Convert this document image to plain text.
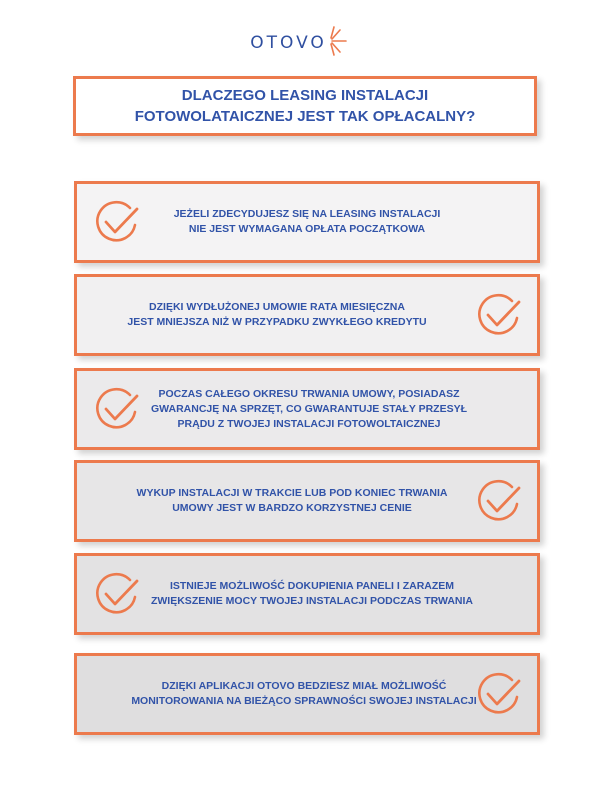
OTOVO
DLACZEGO LEASING INSTALACJI
FOTOWOLATAICZNEJ JEST TAK OPŁACALNY?
JEŻELI ZDECYDUJESZ SIĘ NA LEASING INSTALACJI
NIE JEST WYMAGANA OPŁATA POCZĄTKOWA
DZIĘKI WYDŁUŻONEJ UMOWIE RATA MIESIĘCZNA
JEST MNIEJSZA NIŻ W PRZYPADKU ZWYKŁEGO KREDYTU
POCZAS CAŁEGO OKRESU TRWANIA UMOWY, POSIADASZ
GWARANCJĘ NA SPRZĘT, CO GWARANTUJE STAŁY PRZESYŁ
PRĄDU Z TWOJEJ INSTALACJI FOTOWOLTAICZNEJ
WYKUP INSTALACJI W TRAKCIE LUB POD KONIEC TRWANIA
UMOWY JEST W BARDZO KORZYSTNEJ CENIE
ISTNIEJE MOŻLIWOŚĆ DOKUPIENIA PANELI I ZARAZEM
ZWIĘKSZENIE MOCY TWOJEJ INSTALACJI PODCZAS TRWANIA
DZIĘKI APLIKACJI OTOVO BEDZIESZ MIAŁ MOŻLIWOŚĆ
MONITOROWANIA NA BIEŻĄCO SPRAWNOŚCI SWOJEJ INSTALACJI
